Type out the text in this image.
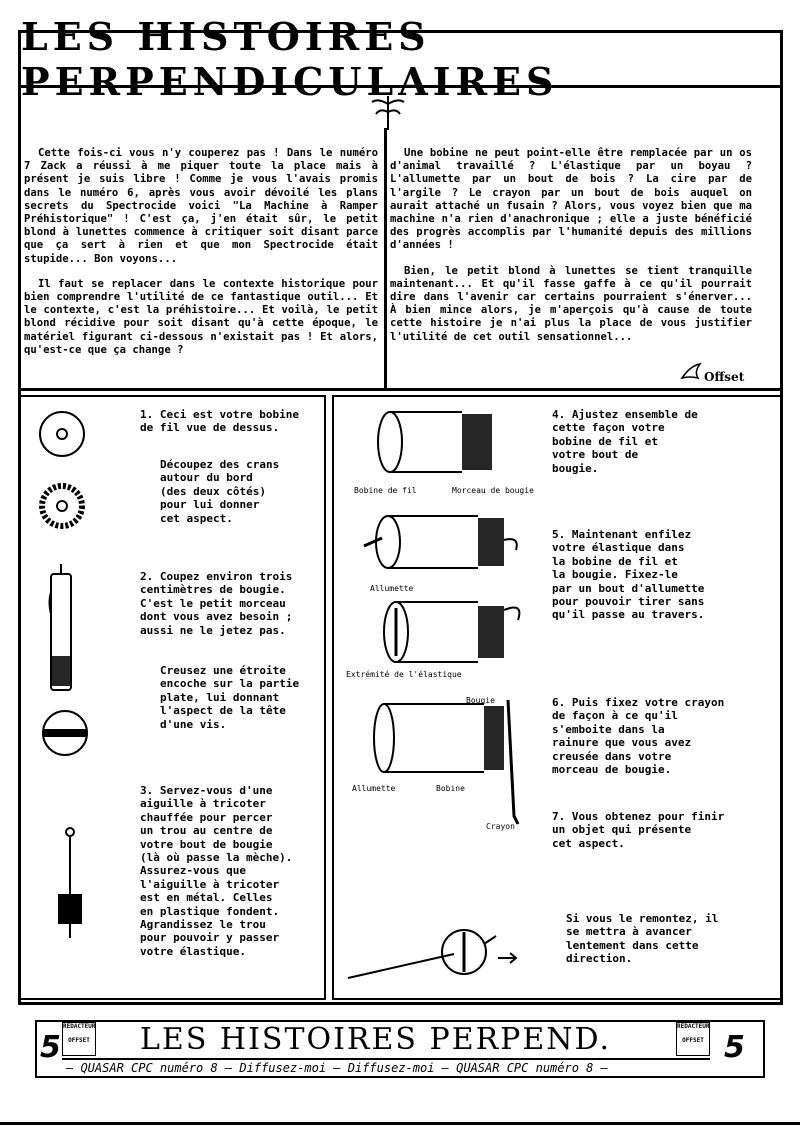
LES HISTOIRES PERPENDICULAIRES

Cette fois-ci vous n'y couperez pas ! Dans le numéro 7 Zack a réussi à me piquer toute la place mais à présent je suis libre ! Comme je vous l'avais promis dans le numéro 6, après vous avoir dévoilé les plans secrets du Spectrocide voici "La Machine à Ramper Préhistorique" ! C'est ça, j'en était sûr, le petit blond à lunettes commence à critiquer soit disant parce que ça sert à rien et que mon Spectrocide était stupide... Bon voyons...

Il faut se replacer dans le contexte historique pour bien comprendre l'utilité de ce fantastique outil... Et le contexte, c'est la préhistoire... Et voilà, le petit blond récidive pour soit disant qu'à cette époque, le matériel figurant ci-dessous n'existait pas ! Et alors, qu'est-ce que ça change ?

Une bobine ne peut point-elle être remplacée par un os d'animal travaillé ? L'élastique par un boyau ? L'allumette par un bout de bois ? La cire par de l'argile ? Le crayon par un bout de bois auquel on aurait attaché un fusain ? Alors, vous voyez bien que ma machine n'a rien d'anachronique ; elle a juste bénéficié des progrès accomplis par l'humanité depuis des millions d'années !

Bien, le petit blond à lunettes se tient tranquille maintenant... Et qu'il fasse gaffe à ce qu'il pourrait dire dans l'avenir car certains pourraient s'énerver... À bien mince alors, je m'aperçois qu'à cause de toute cette histoire je n'ai plus la place de vous justifier l'utilité de cet outil sensationnel...

Offset
1. Ceci est votre bobine
de fil vue de dessus.
Découpez des crans
autour du bord
(des deux côtés)
pour lui donner
cet aspect.
2. Coupez environ trois
centimètres de bougie.
C'est le petit morceau
dont vous avez besoin ;
aussi ne le jetez pas.
Creusez une étroite
encoche sur la partie
plate, lui donnant
l'aspect de la tête
d'une vis.
3. Servez-vous d'une
aiguille à tricoter
chauffée pour percer
un trou au centre de
votre bout de bougie
(là où passe la mèche).
Assurez-vous que
l'aiguille à tricoter
est en métal. Celles
en plastique fondent.
Agrandissez le trou
pour pouvoir y passer
votre élastique.
Bobine de fil	Morceau de bougie
Allumette
Extrémité de l'élastique
Bougie
Allumette	Bobine
Crayon
4. Ajustez ensemble de
cette façon votre
bobine de fil et
votre bout de
bougie.
5. Maintenant enfilez
votre élastique dans
la bobine de fil et
la bougie. Fixez-le
par un bout d'allumette
pour pouvoir tirer sans
qu'il passe au travers.
6. Puis fixez votre crayon
de façon à ce qu'il
s'emboite dans la
rainure que vous avez
creusée dans votre
morceau de bougie.
7. Vous obtenez pour finir
un objet qui présente
cet aspect.
Si vous le remontez, il
se mettra à avancer
lentement dans cette
direction.
5
RÉDACTEUR
OFFSET LES HISTOIRES PERPEND.	RÉDACTEUR
OFFSET 5
— QUASAR CPC numéro 8 — Diffusez-moi — Diffusez-moi — QUASAR CPC numéro 8 —
